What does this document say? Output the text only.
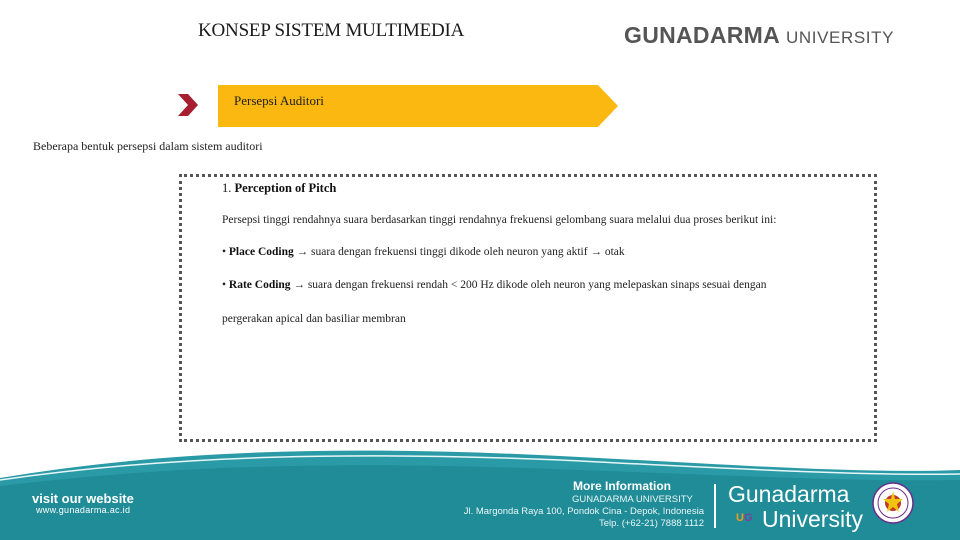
KONSEP SISTEM MULTIMEDIA	GUNADARMA UNIVERSITY
Persepsi Auditori
Beberapa bentuk persepsi dalam sistem auditori
1. Perception of Pitch
Persepsi tinggi rendahnya suara berdasarkan tinggi rendahnya frekuensi gelombang suara melalui dua proses berikut ini:
• Place Coding → suara dengan frekuensi tinggi dikode oleh neuron yang aktif → otak
• Rate Coding → suara dengan frekuensi rendah < 200 Hz dikode oleh neuron yang melepaskan sinaps sesuai dengan
pergerakan apical dan basiliar membran
visit our website
www.gunadarma.ac.id
More Information
GUNADARMA UNIVERSITY
Jl. Margonda Raya 100, Pondok Cina - Depok, Indonesia
Telp. (+62-21) 7888 1112
Gunadarma
University
UG
